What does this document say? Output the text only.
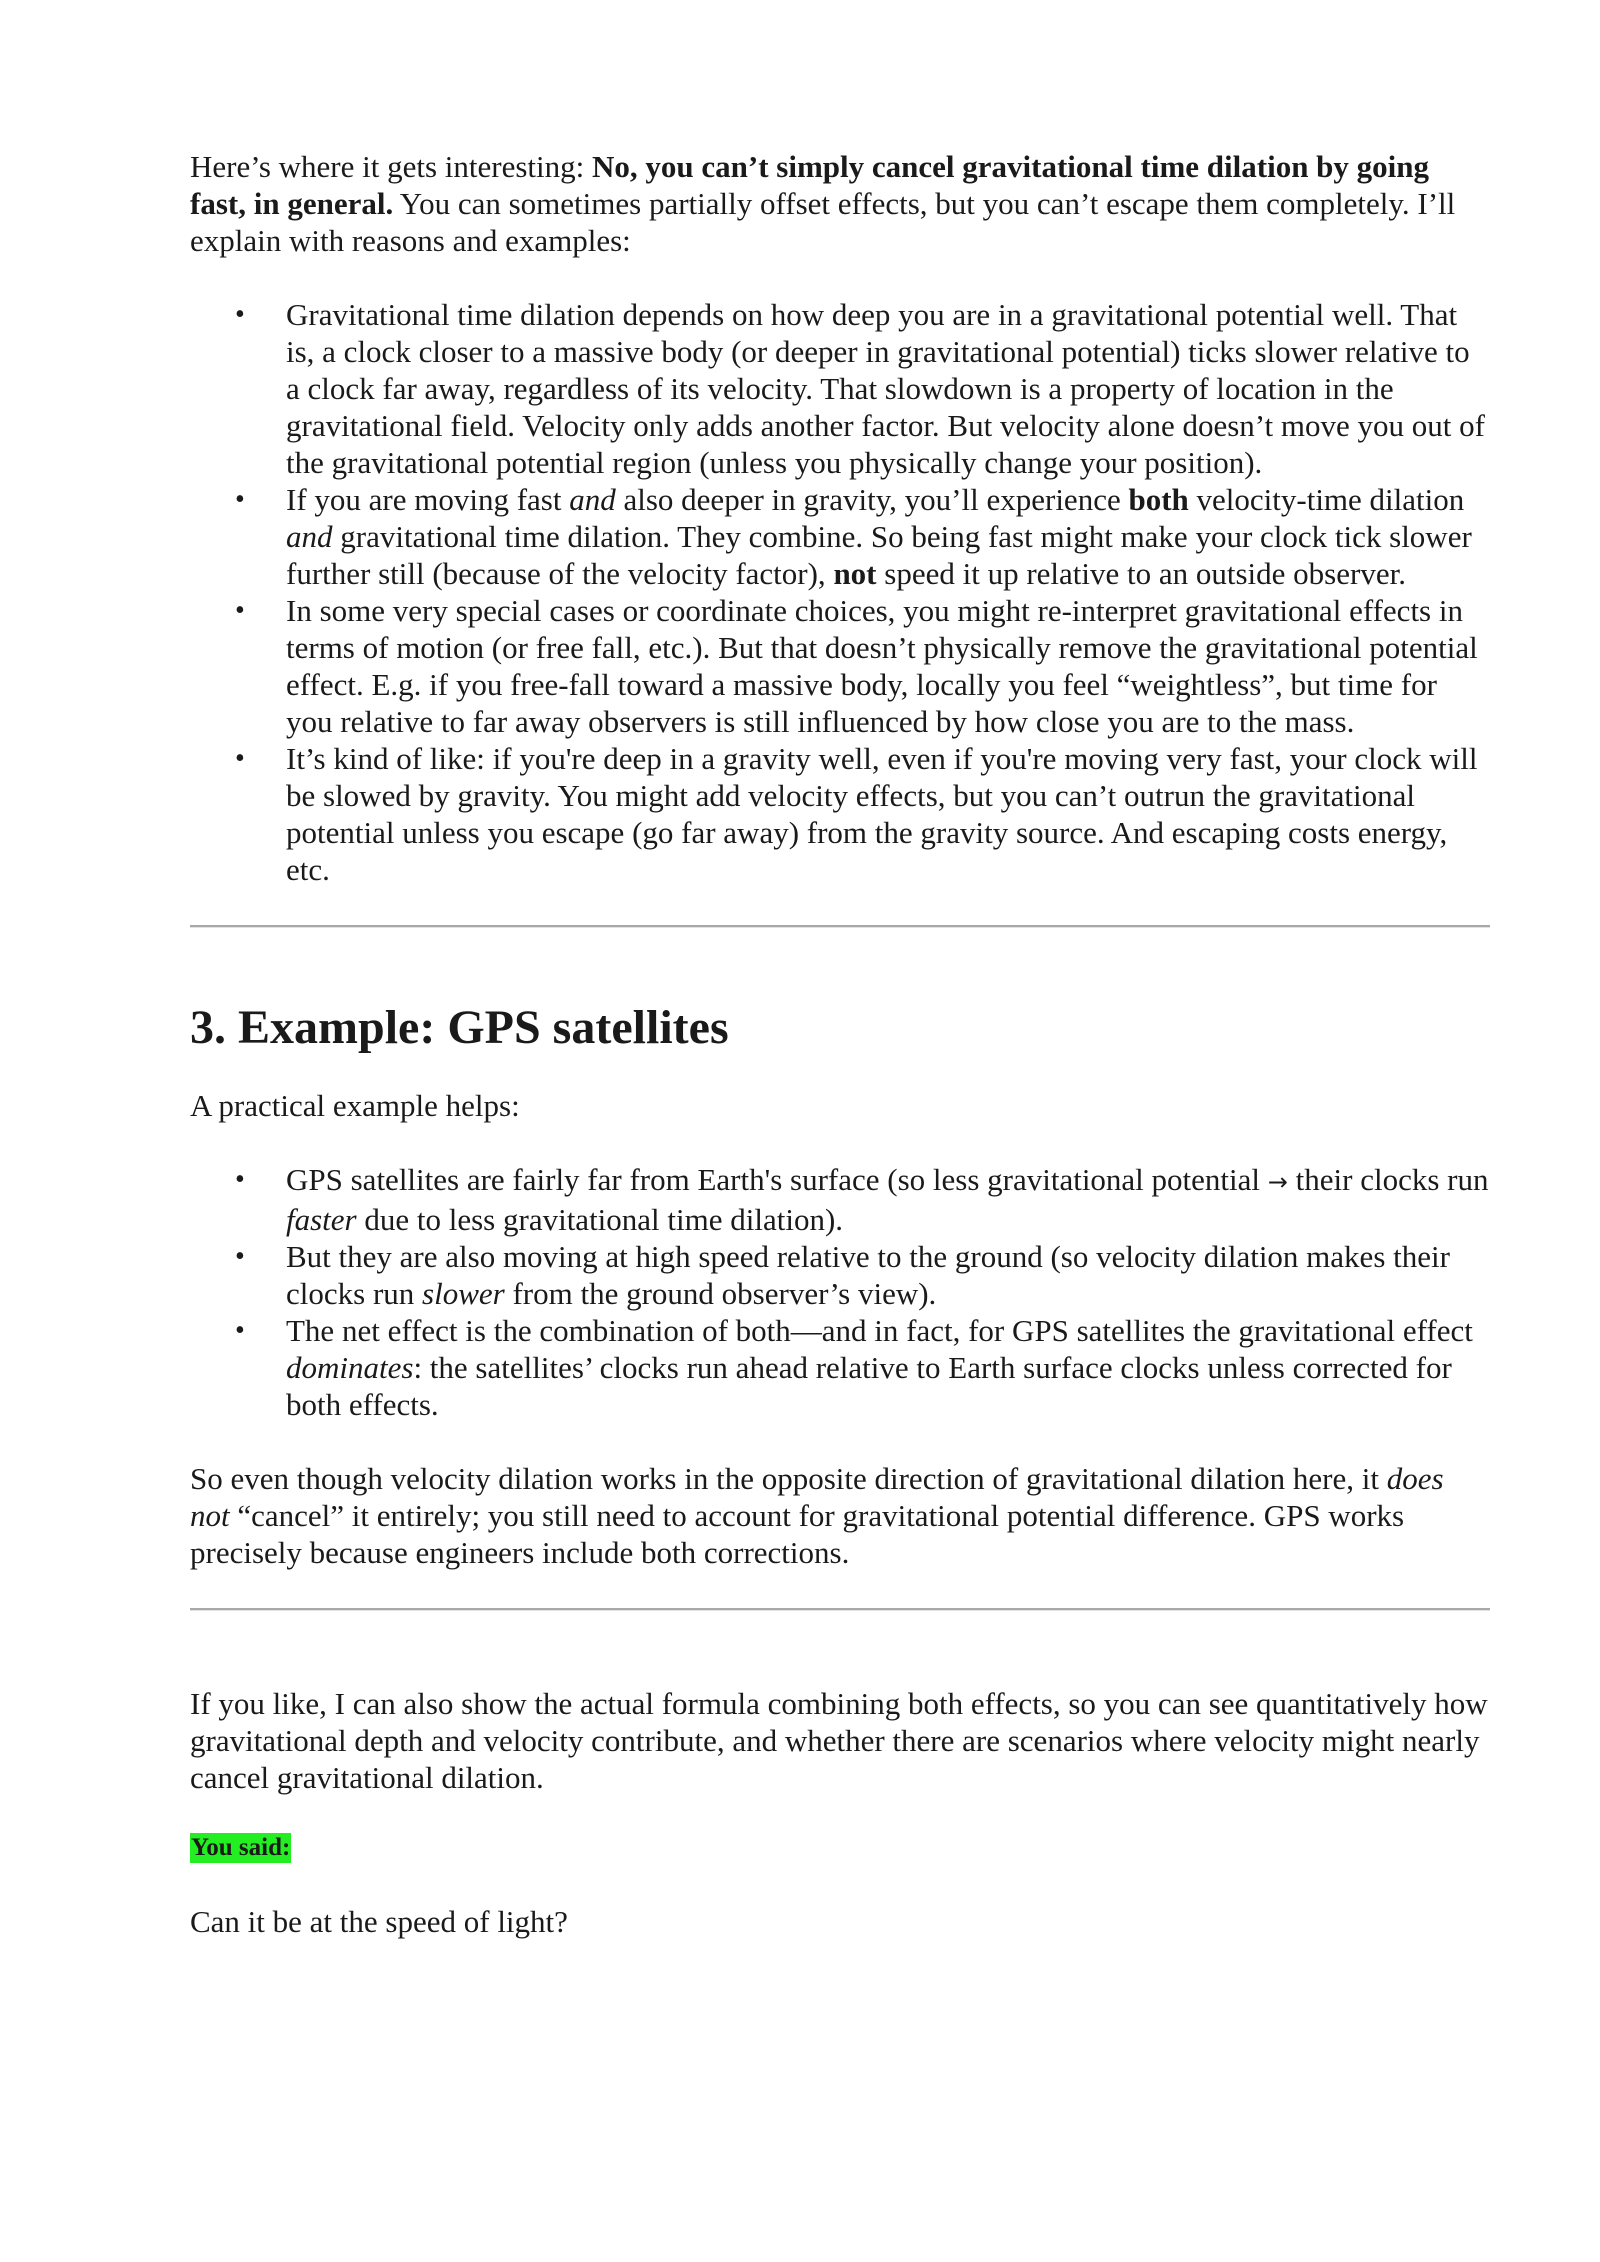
Here’s where it gets interesting: No, you can’t simply cancel gravitational time dilation by going fast, in general. You can sometimes partially offset effects, but you can’t escape them completely. I’ll explain with reasons and examples:

• Gravitational time dilation depends on how deep you are in a gravitational potential well. That is, a clock closer to a massive body (or deeper in gravitational potential) ticks slower relative to a clock far away, regardless of its velocity. That slowdown is a property of location in the gravitational field. Velocity only adds another factor. But velocity alone doesn’t move you out of the gravitational potential region (unless you physically change your position).
• If you are moving fast and also deeper in gravity, you’ll experience both velocity-time dilation and gravitational time dilation. They combine. So being fast might make your clock tick slower further still (because of the velocity factor), not speed it up relative to an outside observer.
• In some very special cases or coordinate choices, you might re-interpret gravitational effects in terms of motion (or free fall, etc.). But that doesn’t physically remove the gravitational potential effect. E.g. if you free-fall toward a massive body, locally you feel “weightless”, but time for you relative to far away observers is still influenced by how close you are to the mass.
• It’s kind of like: if you're deep in a gravity well, even if you're moving very fast, your clock will be slowed by gravity. You might add velocity effects, but you can’t outrun the gravitational potential unless you escape (go far away) from the gravity source. And escaping costs energy, etc.
3. Example: GPS satellites

A practical example helps:

• GPS satellites are fairly far from Earth's surface (so less gravitational potential → their clocks run faster due to less gravitational time dilation).
• But they are also moving at high speed relative to the ground (so velocity dilation makes their clocks run slower from the ground observer’s view).
• The net effect is the combination of both—and in fact, for GPS satellites the gravitational effect dominates: the satellites’ clocks run ahead relative to Earth surface clocks unless corrected for both effects.

So even though velocity dilation works in the opposite direction of gravitational dilation here, it does not “cancel” it entirely; you still need to account for gravitational potential difference. GPS works precisely because engineers include both corrections.

If you like, I can also show the actual formula combining both effects, so you can see quantitatively how gravitational depth and velocity contribute, and whether there are scenarios where velocity might nearly cancel gravitational dilation.

You said:

Can it be at the speed of light?
